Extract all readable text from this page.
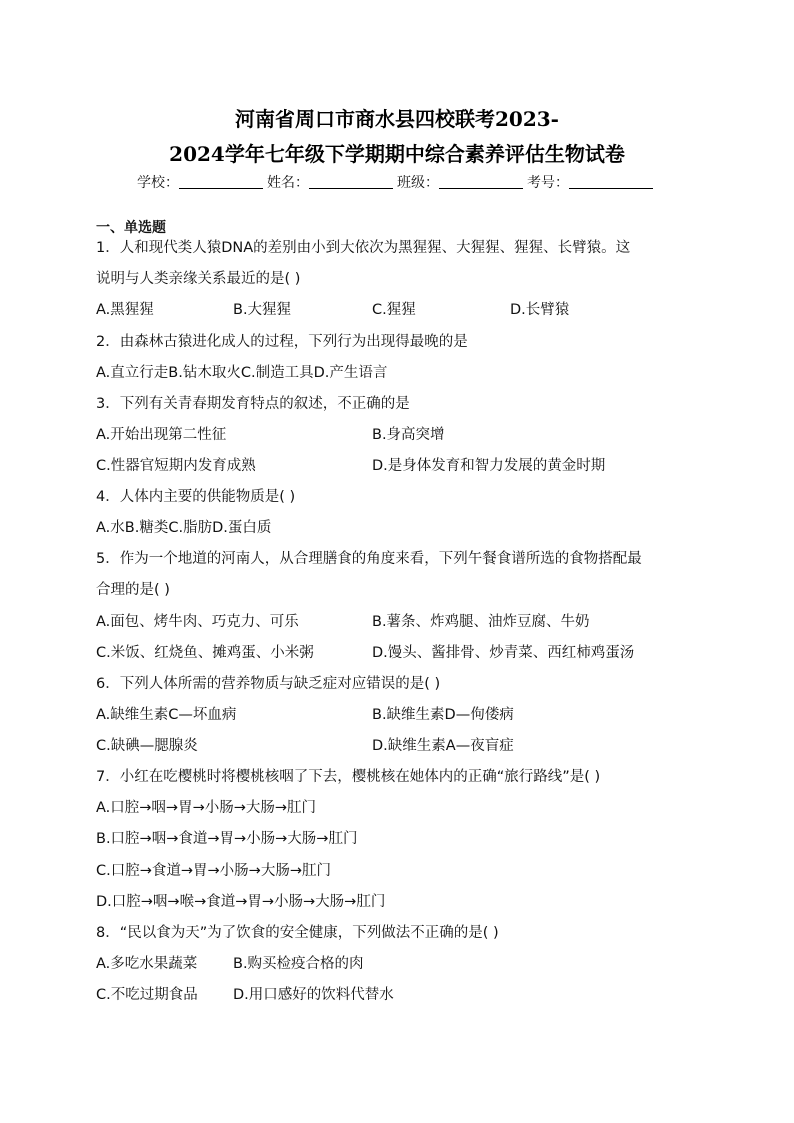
河南省周口市商水县四校联考2023-
2024学年七年级下学期期中综合素养评估生物试卷
学校：	姓名：	班级：	考号：
一、单选题
1．人和现代类人猿DNA的差别由小到大依次为黑猩猩、大猩猩、猩猩、长臂猿。这
说明与人类亲缘关系最近的是( )
A.黑猩猩	B.大猩猩	C.猩猩	D.长臂猿
2．由森林古猿进化成人的过程，下列行为出现得最晚的是
A.直立行走B.钻木取火C.制造工具D.产生语言
3．下列有关青春期发育特点的叙述，不正确的是
A.开始出现第二性征	B.身高突增
C.性器官短期内发育成熟	D.是身体发育和智力发展的黄金时期
4．人体内主要的供能物质是( )
A.水B.糖类C.脂肪D.蛋白质
5．作为一个地道的河南人，从合理膳食的角度来看，下列午餐食谱所选的食物搭配最
合理的是( )
A.面包、烤牛肉、巧克力、可乐	B.薯条、炸鸡腿、油炸豆腐、牛奶
C.米饭、红烧鱼、摊鸡蛋、小米粥	D.馒头、酱排骨、炒青菜、西红柿鸡蛋汤
6．下列人体所需的营养物质与缺乏症对应错误的是( )
A.缺维生素C—坏血病	B.缺维生素D—佝偻病
C.缺碘—腮腺炎	D.缺维生素A—夜盲症
7．小红在吃樱桃时将樱桃核咽了下去，樱桃核在她体内的正确“旅行路线”是( )
A.口腔→咽→胃→小肠→大肠→肛门
B.口腔→咽→食道→胃→小肠→大肠→肛门
C.口腔→食道→胃→小肠→大肠→肛门
D.口腔→咽→喉→食道→胃→小肠→大肠→肛门
8．“民以食为天”为了饮食的安全健康，下列做法不正确的是( )
A.多吃水果蔬菜 B.购买检疫合格的肉
C.不吃过期食品 D.用口感好的饮料代替水
